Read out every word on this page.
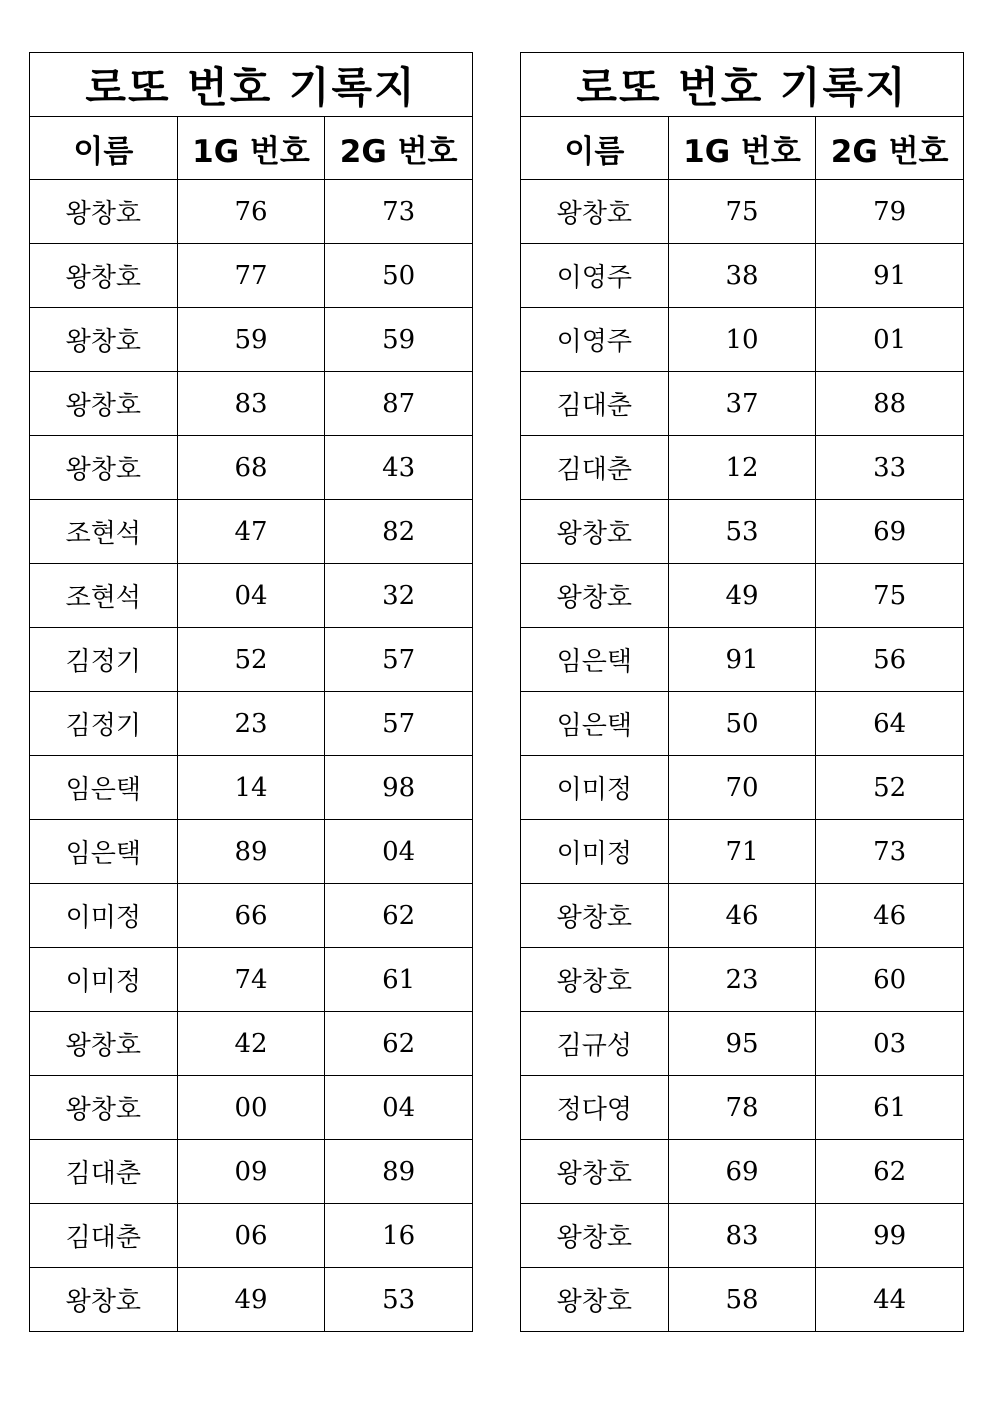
로또 번호 기록지		
이름	1G 번호	2G 번호
왕창호	76	73
왕창호	77	50
왕창호	59	59
왕창호	83	87
왕창호	68	43
조현석	47	82
조현석	04	32
김정기	52	57
김정기	23	57
임은택	14	98
임은택	89	04
이미정	66	62
이미정	74	61
왕창호	42	62
왕창호	00	04
김대춘	09	89
김대춘	06	16
왕창호	49	53
로또 번호 기록지		
이름	1G 번호	2G 번호
왕창호	75	79
이영주	38	91
이영주	10	01
김대춘	37	88
김대춘	12	33
왕창호	53	69
왕창호	49	75
임은택	91	56
임은택	50	64
이미정	70	52
이미정	71	73
왕창호	46	46
왕창호	23	60
김규성	95	03
정다영	78	61
왕창호	69	62
왕창호	83	99
왕창호	58	44
